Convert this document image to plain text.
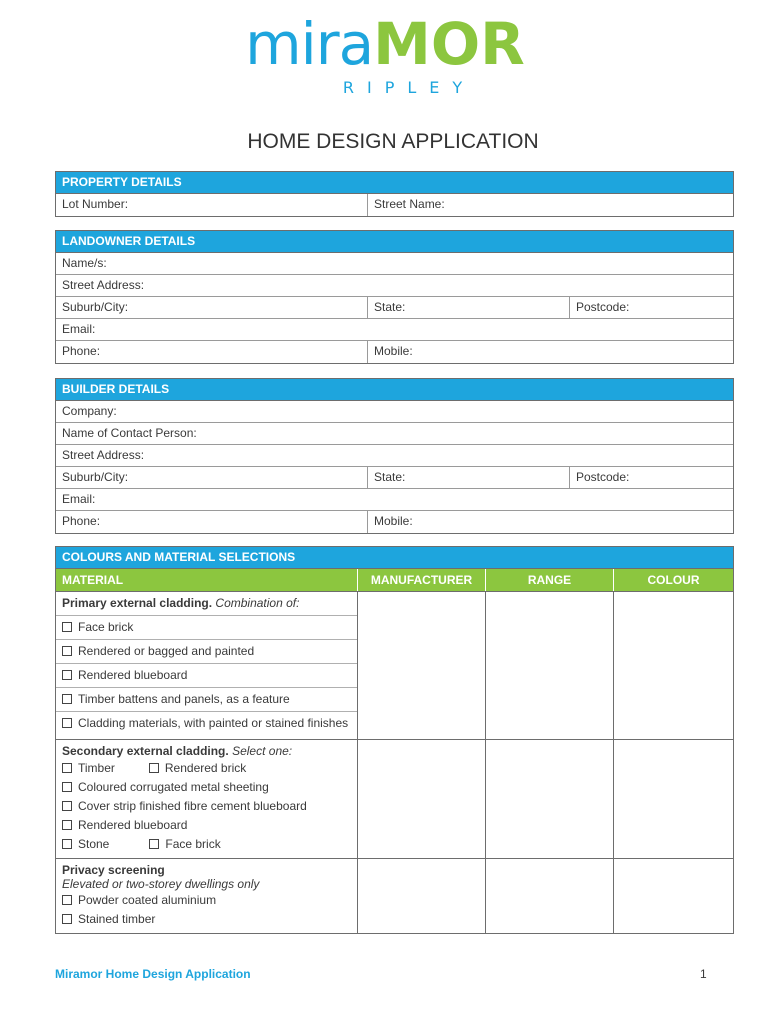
miraMOR
RIPLEY
HOME DESIGN APPLICATION
PROPERTY DETAILS
Lot Number:	Street Name:
LANDOWNER DETAILS
Name/s:
Street Address:
Suburb/City:	State:	Postcode:
Email:
Phone:	Mobile:
BUILDER DETAILS
Company:
Name of Contact Person:
Street Address:
Suburb/City:	State:	Postcode:
Email:
Phone:	Mobile:
COLOURS AND MATERIAL SELECTIONS
MATERIAL	MANUFACTURER	RANGE	COLOUR
Primary external cladding. Combination of:
Face brick
Rendered or bagged and painted
Rendered blueboard
Timber battens and panels, as a feature
Cladding materials, with painted or stained finishes
Secondary external cladding. Select one:
Timber	Rendered brick
Coloured corrugated metal sheeting
Cover strip finished fibre cement blueboard
Rendered blueboard
Stone	Face brick
Privacy screening
Elevated or two-storey dwellings only
Powder coated aluminium
Stained timber
Miramor Home Design Application	1
